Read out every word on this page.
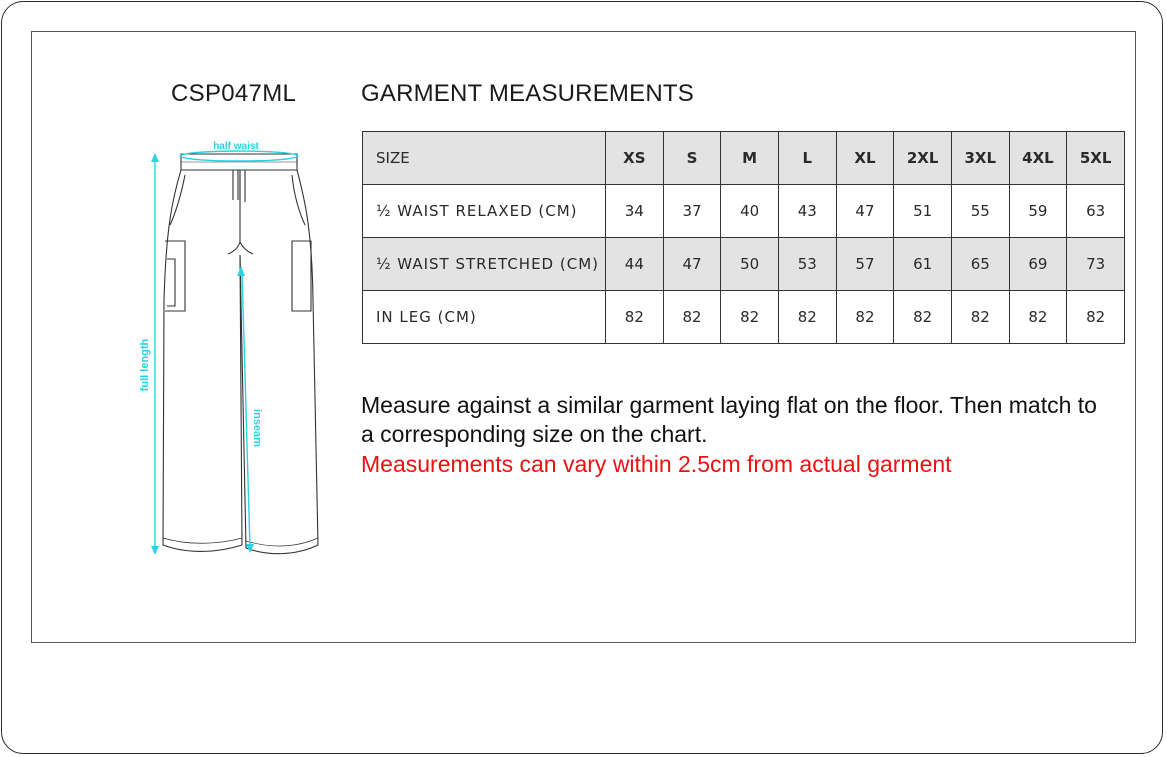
CSP047ML	GARMENT MEASUREMENTS
half waist
full length
inseam
SIZE	XS	S	M	L	XL	2XL	3XL	4XL	5XL
½ WAIST RELAXED (CM)	34	37	40	43	47	51	55	59	63
½ WAIST STRETCHED (CM)	44	47	50	53	57	61	65	69	73
IN LEG (CM)	82	82	82	82	82	82	82	82	82
Measure against a similar garment laying flat on the floor. Then match to a corresponding size on the chart.
Measurements can vary within 2.5cm from actual garment
